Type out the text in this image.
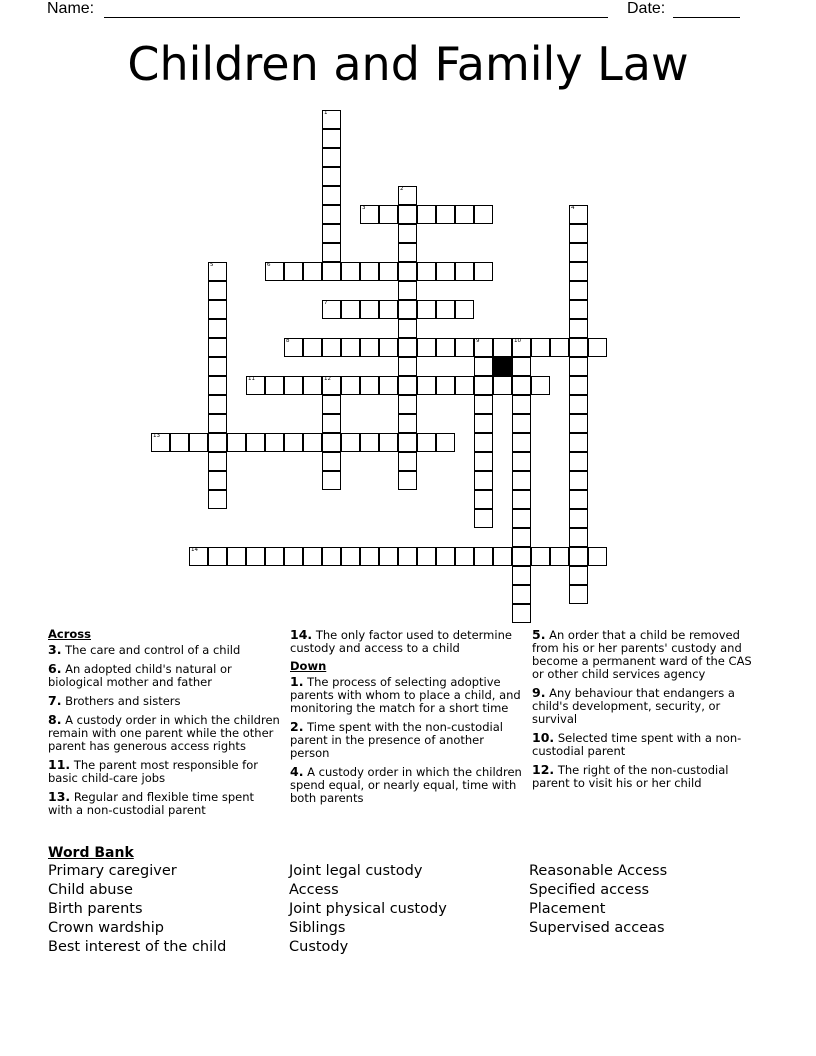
Name:	Date:
Children and Family Law
1
2
3	4
5	6
7
8	9	10
11	12
13
14
Across
3. The care and control of a child
6. An adopted child's natural or biological mother and father
7. Brothers and sisters
8. A custody order in which the children remain with one parent while the other parent has generous access rights
11. The parent most responsible for basic child-care jobs
13. Regular and flexible time spent with a non-custodial parent
14. The only factor used to determine custody and access to a child
Down
1. The process of selecting adoptive parents with whom to place a child, and monitoring the match for a short time
2. Time spent with the non-custodial parent in the presence of another person
4. A custody order in which the children spend equal, or nearly equal, time with both parents
5. An order that a child be removed from his or her parents' custody and become a permanent ward of the CAS or other child services agency
9. Any behaviour that endangers a child's development, security, or survival
10. Selected time spent with a non-custodial parent
12. The right of the non-custodial parent to visit his or her child
Word Bank
Primary caregiver
Child abuse
Birth parents
Crown wardship
Best interest of the child
Joint legal custody
Access
Joint physical custody
Siblings
Custody
Reasonable Access
Specified access
Placement
Supervised acceas
